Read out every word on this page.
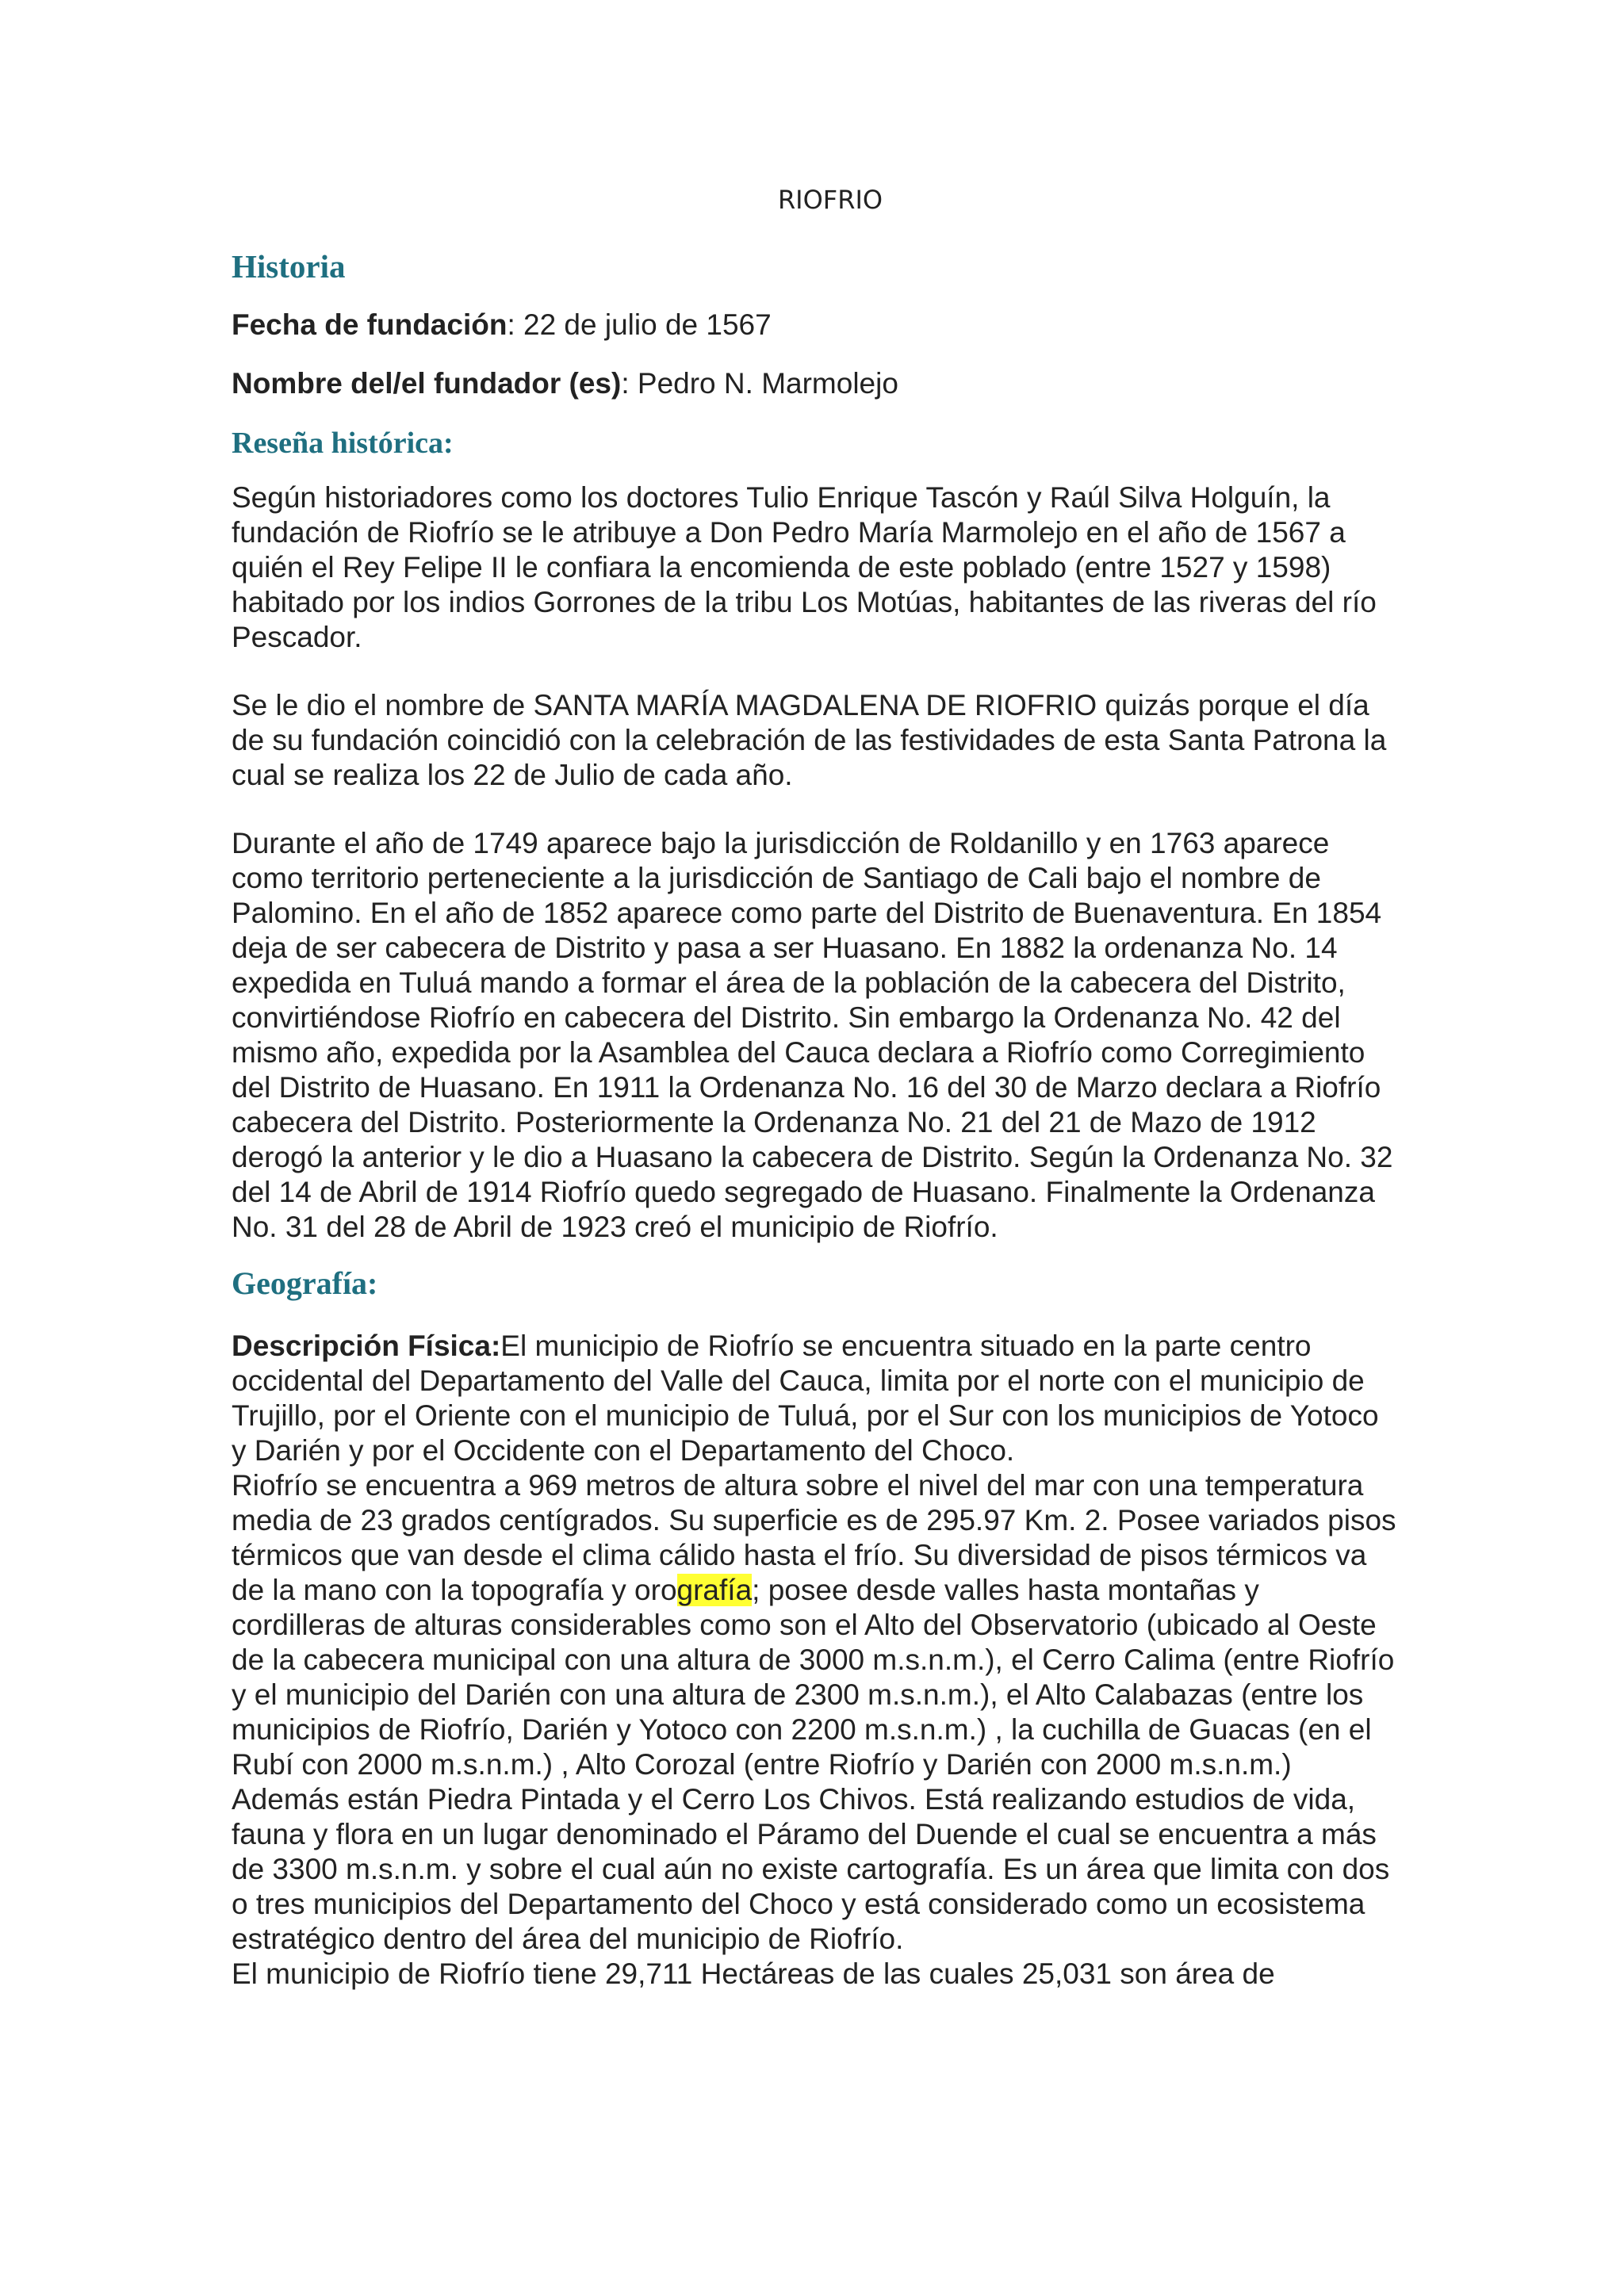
RIOFRIO
Historia
Fecha de fundación: 22 de julio de 1567
Nombre del/el fundador (es): Pedro N. Marmolejo
Reseña histórica:

Según historiadores como los doctores Tulio Enrique Tascón y Raúl Silva Holguín, la fundación de Riofrío se le atribuye a Don Pedro María Marmolejo en el año de 1567 a quién el Rey Felipe II le confiara la encomienda de este poblado (entre 1527 y 1598) habitado por los indios Gorrones de la tribu Los Motúas, habitantes de las riveras del río Pescador.

Se le dio el nombre de SANTA MARÍA MAGDALENA DE RIOFRIO quizás porque el día de su fundación coincidió con la celebración de las festividades de esta Santa Patrona la cual se realiza los 22 de Julio de cada año.

Durante el año de 1749 aparece bajo la jurisdicción de Roldanillo y en 1763 aparece como territorio perteneciente a la jurisdicción de Santiago de Cali bajo el nombre de Palomino. En el año de 1852 aparece como parte del Distrito de Buenaventura. En 1854 deja de ser cabecera de Distrito y pasa a ser Huasano. En 1882 la ordenanza No. 14 expedida en Tuluá mando a formar el área de la población de la cabecera del Distrito, convirtiéndose Riofrío en cabecera del Distrito. Sin embargo la Ordenanza No. 42 del mismo año, expedida por la Asamblea del Cauca declara a Riofrío como Corregimiento del Distrito de Huasano. En 1911 la Ordenanza No. 16 del 30 de Marzo declara a Riofrío cabecera del Distrito. Posteriormente la Ordenanza No. 21 del 21 de Mazo de 1912 derogó la anterior y le dio a Huasano la cabecera de Distrito. Según la Ordenanza No. 32 del 14 de Abril de 1914 Riofrío quedo segregado de Huasano. Finalmente la Ordenanza No. 31 del 28 de Abril de 1923 creó el municipio de Riofrío.

Geografía:

Descripción Física:El municipio de Riofrío se encuentra situado en la parte centro occidental del Departamento del Valle del Cauca, limita por el norte con el municipio de Trujillo, por el Oriente con el municipio de Tuluá, por el Sur con los municipios de Yotoco y Darién y por el Occidente con el Departamento del Choco.

Riofrío se encuentra a 969 metros de altura sobre el nivel del mar con una temperatura media de 23 grados centígrados. Su superficie es de 295.97 Km. 2. Posee variados pisos térmicos que van desde el clima cálido hasta el frío. Su diversidad de pisos térmicos va de la mano con la topografía y orografía; posee desde valles hasta montañas y cordilleras de alturas considerables como son el Alto del Observatorio (ubicado al Oeste de la cabecera municipal con una altura de 3000 m.s.n.m.), el Cerro Calima (entre Riofrío y el municipio del Darién con una altura de 2300 m.s.n.m.), el Alto Calabazas (entre los municipios de Riofrío, Darién y Yotoco con 2200 m.s.n.m.) , la cuchilla de Guacas (en el Rubí con 2000 m.s.n.m.) , Alto Corozal (entre Riofrío y Darién con 2000 m.s.n.m.) Además están Piedra Pintada y el Cerro Los Chivos. Está realizando estudios de vida, fauna y flora en un lugar denominado el Páramo del Duende el cual se encuentra a más de 3300 m.s.n.m. y sobre el cual aún no existe cartografía. Es un área que limita con dos o tres municipios del Departamento del Choco y está considerado como un ecosistema estratégico dentro del área del municipio de Riofrío.

El municipio de Riofrío tiene 29,711 Hectáreas de las cuales 25,031 son área de
